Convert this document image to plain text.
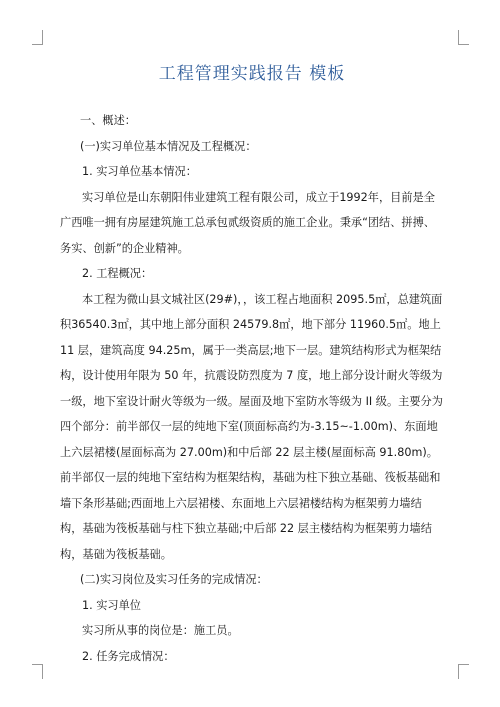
工程管理实践报告 模板

一、概述：

(一)实习单位基本情况及工程概况：

1. 实习单位基本情况：

实习单位是山东朝阳伟业建筑工程有限公司，成立于1992年，目前是全广西唯一拥有房屋建筑施工总承包贰级资质的施工企业。秉承“团结、拼搏、务实、创新”的企业精神。

2. 工程概况：

本工程为微山县文城社区(29#)，，该工程占地面积 2095.5㎡，总建筑面积36540.3㎡，其中地上部分面积 24579.8㎡，地下部分 11960.5㎡。地上 11 层，建筑高度 94.25m，属于一类高层;地下一层。建筑结构形式为框架结构，设计使用年限为 50 年，抗震设防烈度为 7 度，地上部分设计耐火等级为一级，地下室设计耐火等级为一级。屋面及地下室防水等级为 II 级。主要分为四个部分：前半部仅一层的纯地下室(顶面标高约为-3.15~-1.00m)、东面地上六层裙楼(屋面标高为 27.00m)和中后部 22 层主楼(屋面标高 91.80m)。前半部仅一层的纯地下室结构为框架结构，基础为柱下独立基础、筏板基础和墙下条形基础;西面地上六层裙楼、东面地上六层裙楼结构为框架剪力墙结构，基础为筏板基础与柱下独立基础;中后部 22 层主楼结构为框架剪力墙结构，基础为筏板基础。

(二)实习岗位及实习任务的完成情况：

1. 实习单位

实习所从事的岗位是：施工员。

2. 任务完成情况：
